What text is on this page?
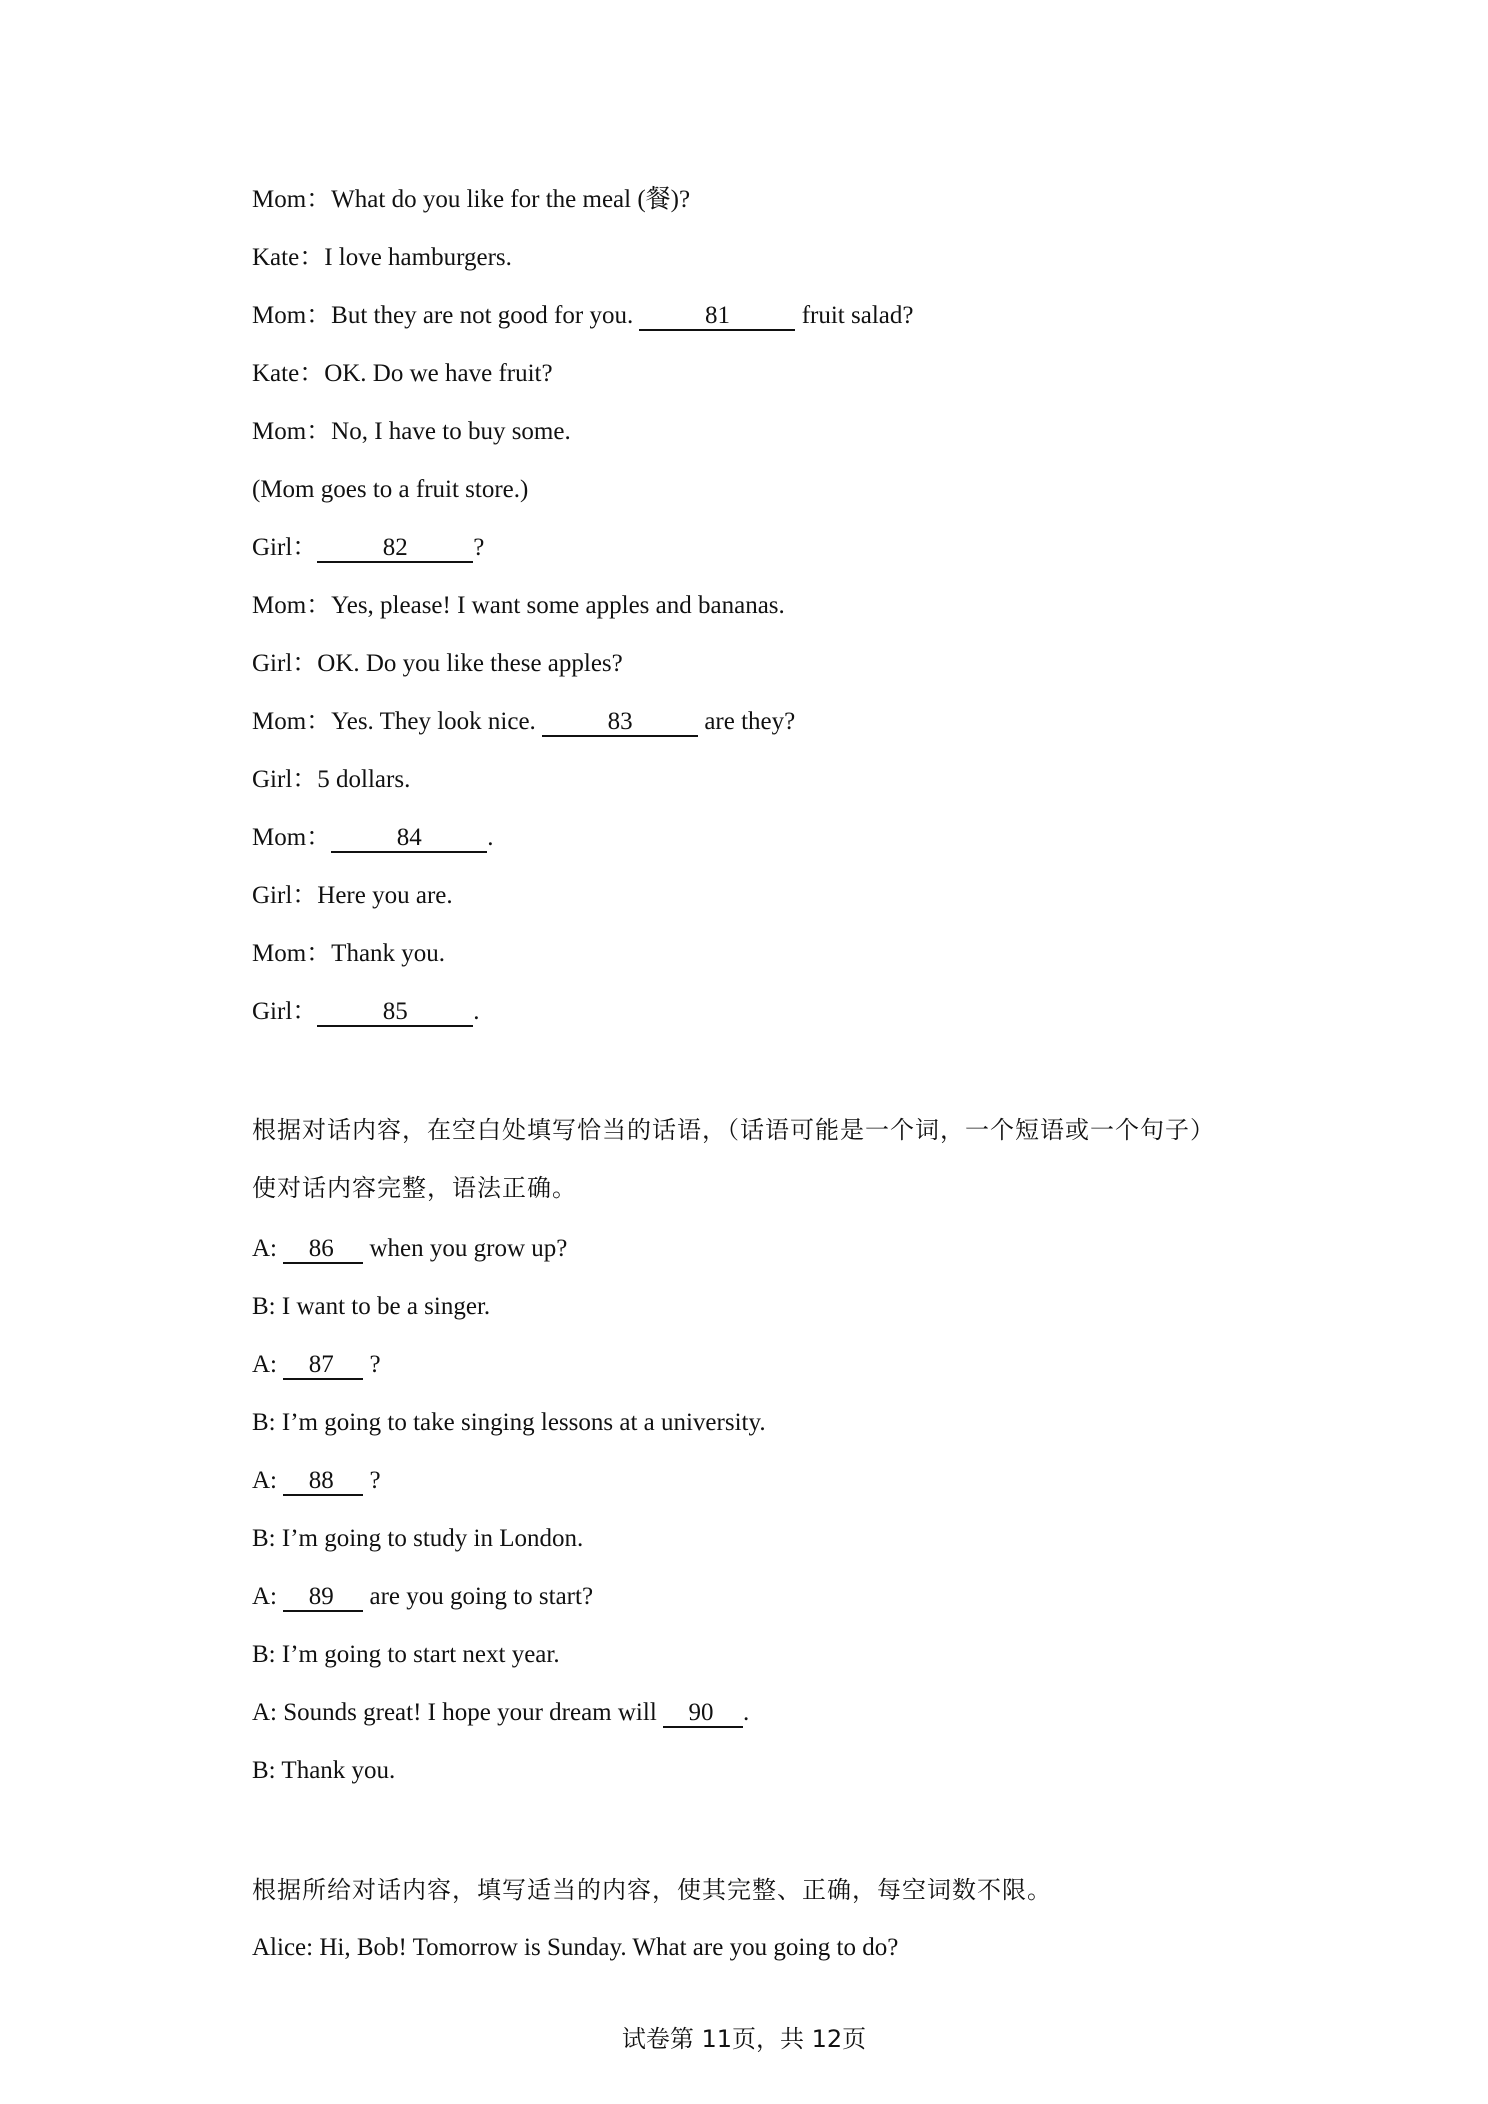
Mom：What do you like for the meal (餐)?
Kate：I love hamburgers.
Mom：But they are not good for you.	81	fruit salad?
Kate：OK. Do we have fruit?
Mom：No, I have to buy some.
(Mom goes to a fruit store.)
Girl：	82	?
Mom：Yes, please! I want some apples and bananas.
Girl：OK. Do you like these apples?
Mom：Yes. They look nice.	83	are they?
Girl：5 dollars.
Mom：	84	.
Girl：Here you are.
Mom：Thank you.
Girl：	85	.
根据对话内容，在空白处填写恰当的话语，（话语可能是一个词，一个短语或一个句子）
使对话内容完整，语法正确。
A: 86 when you grow up?
B: I want to be a singer.
A: 87 ?
B: I’m going to take singing lessons at a university.
A: 88 ?
B: I’m going to study in London.
A: 89 are you going to start?
B: I’m going to start next year.
A: Sounds great! I hope your dream will 90 .
B: Thank you.
根据所给对话内容，填写适当的内容，使其完整、正确，每空词数不限。
Alice: Hi, Bob! Tomorrow is Sunday. What are you going to do?
试卷第 11页，共 12页
